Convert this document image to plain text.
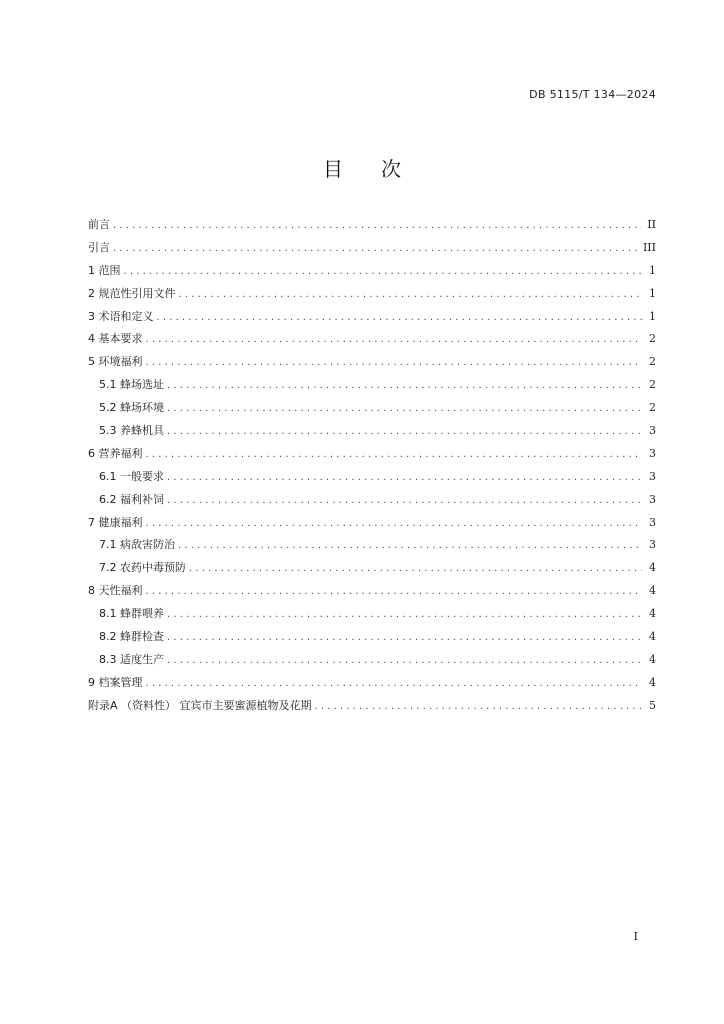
DB 5115/T 134—2024
目 次
前言 . . .	II
引言 . . .	III
1 范围 . . .	1
2 规范性引用文件 . . .	1
3 术语和定义 . . .	1
4 基本要求 . . .	2
5 环境福利 . . .	2
5.1 蜂场选址 . . .	2
5.2 蜂场环境 . . .	2
5.3 养蜂机具 . . .	3
6 营养福利 . . .	3
6.1 一般要求 . . .	3
6.2 福利补饲 . . .	3
7 健康福利 . . .	3
7.1 病敌害防治 . . .	3
7.2 农药中毒预防 . . .	4
8 天性福利 . . .	4
8.1 蜂群喂养 . . .	4
8.2 蜂群检查 . . .	4
8.3 适度生产 . . .	4
9 档案管理 . . .	4
附录A （资料性） 宜宾市主要蜜源植物及花期 . . .	5
I
